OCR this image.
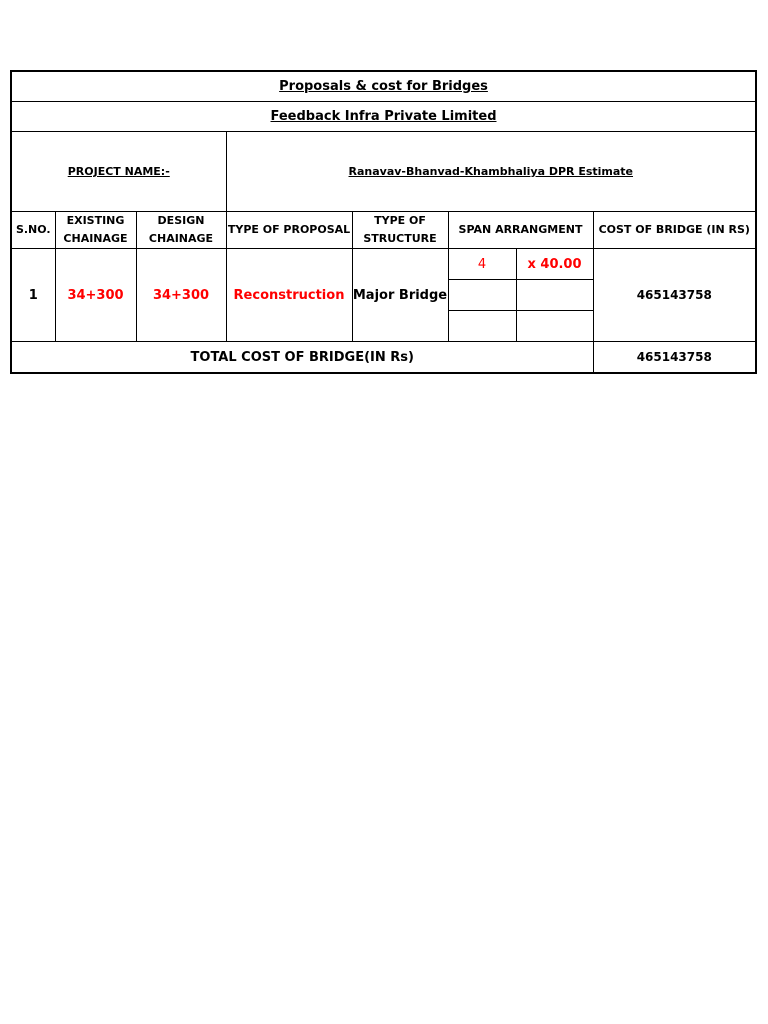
Proposals & cost for Bridges							
Feedback Infra Private Limited							
PROJECT NAME:-			Ranavav-Bhanvad-Khambhaliya DPR Estimate				
S.NO.	EXISTING CHAINAGE	DESIGN CHAINAGE	TYPE OF PROPOSAL	TYPE OF STRUCTURE	SPAN ARRANGMENT		COST OF BRIDGE (IN RS)
1	34+300	34+300	Reconstruction	Major Bridge	4	x 40.00	465143758

TOTAL COST OF BRIDGE(IN Rs)							465143758
